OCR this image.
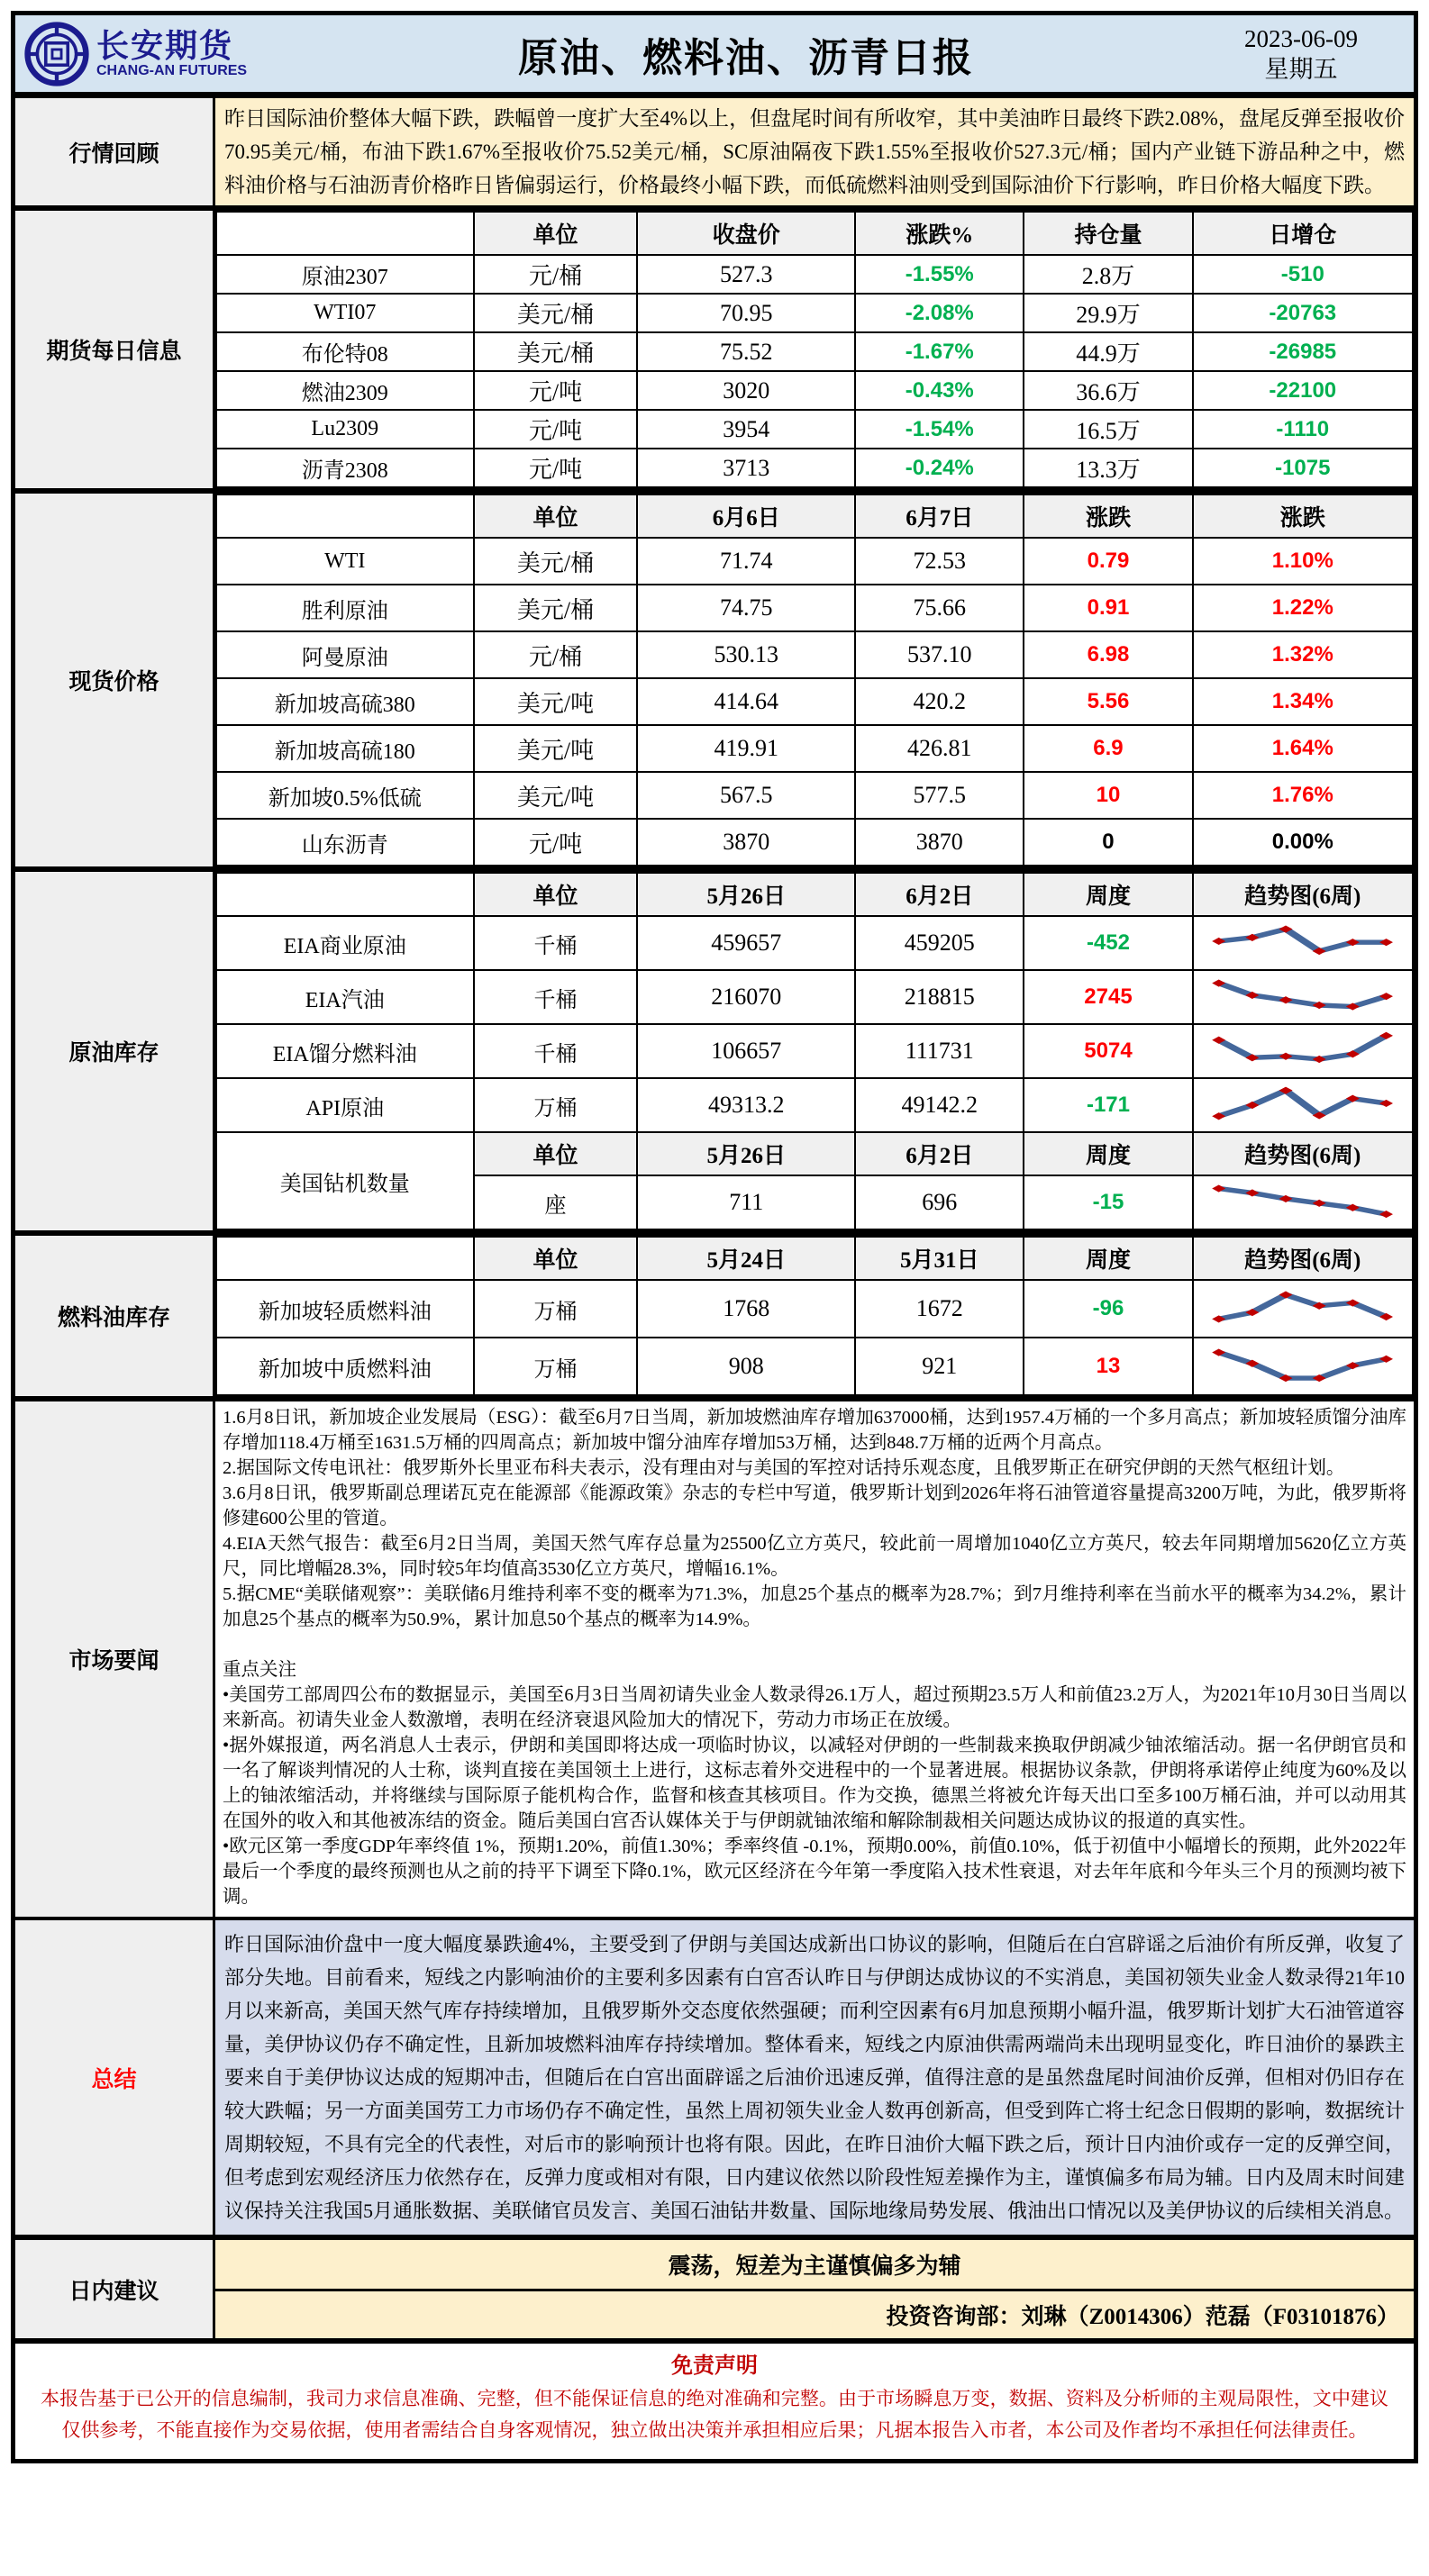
长安期货
CHANG-AN FUTURES	原油、燃料油、沥青日报	2023-06-09
星期五
行情回顾

昨日国际油价整体大幅下跌，跌幅曾一度扩大至4%以上，但盘尾时间有所收窄，其中美油昨日最终下跌2.08%，盘尾反弹至报收价70.95美元/桶，布油下跌1.67%至报收价75.52美元/桶，SC原油隔夜下跌1.55%至报收价527.3元/桶；国内产业链下游品种之中，燃料油价格与石油沥青价格昨日皆偏弱运行，价格最终小幅下跌，而低硫燃料油则受到国际油价下行影响，昨日价格大幅度下跌。

期货每日信息
	单位	收盘价	涨跌%	持仓量	日增仓
原油2307	元/桶	527.3	-1.55%	2.8万	-510
WTI07	美元/桶	70.95	-2.08%	29.9万	-20763
布伦特08	美元/桶	75.52	-1.67%	44.9万	-26985
燃油2309	元/吨	3020	-0.43%	36.6万	-22100
Lu2309	元/吨	3954	-1.54%	16.5万	-1110
沥青2308	元/吨	3713	-0.24%	13.3万	-1075
现货价格
	单位	6月6日	6月7日	涨跌	涨跌
WTI	美元/桶	71.74	72.53	0.79	1.10%
胜利原油	美元/桶	74.75	75.66	0.91	1.22%
阿曼原油	元/桶	530.13	537.10	6.98	1.32%
新加坡高硫380	美元/吨	414.64	420.2	5.56	1.34%
新加坡高硫180	美元/吨	419.91	426.81	6.9	1.64%
新加坡0.5%低硫	美元/吨	567.5	577.5	10	1.76%
山东沥青	元/吨	3870	3870	0	0.00%
原油库存
	单位	5月26日	6月2日	周度	趋势图(6周)
EIA商业原油	千桶	459657	459205	-452	

EIA汽油	千桶	216070	218815	2745	

EIA馏分燃料油	千桶	106657	111731	5074	

API原油	万桶	49313.2	49142.2	-171	

美国钻机数量	单位	5月26日	6月2日	周度	趋势图(6周)
	座	711	696	-15	
燃料油库存
	单位	5月24日	5月31日	周度	趋势图(6周)
新加坡轻质燃料油	万桶	1768	1672	-96	

新加坡中质燃料油	万桶	908	921	13	
市场要闻

1.6月8日讯，新加坡企业发展局（ESG）：截至6月7日当周，新加坡燃油库存增加637000桶，达到1957.4万桶的一个多月高点；新加坡轻质馏分油库存增加118.4万桶至1631.5万桶的四周高点；新加坡中馏分油库存增加53万桶，达到848.7万桶的近两个月高点。

2.据国际文传电讯社：俄罗斯外长里亚布科夫表示，没有理由对与美国的军控对话持乐观态度，且俄罗斯正在研究伊朗的天然气枢纽计划。

3.6月8日讯，俄罗斯副总理诺瓦克在能源部《能源政策》杂志的专栏中写道，俄罗斯计划到2026年将石油管道容量提高3200万吨，为此，俄罗斯将修建600公里的管道。

4.EIA天然气报告：截至6月2日当周，美国天然气库存总量为25500亿立方英尺，较此前一周增加1040亿立方英尺，较去年同期增加5620亿立方英尺，同比增幅28.3%，同时较5年均值高3530亿立方英尺，增幅16.1%。

5.据CME“美联储观察”：美联储6月维持利率不变的概率为71.3%，加息25个基点的概率为28.7%；到7月维持利率在当前水平的概率为34.2%，累计加息25个基点的概率为50.9%，累计加息50个基点的概率为14.9%。

重点关注

•美国劳工部周四公布的数据显示，美国至6月3日当周初请失业金人数录得26.1万人，超过预期23.5万人和前值23.2万人，为2021年10月30日当周以来新高。初请失业金人数激增，表明在经济衰退风险加大的情况下，劳动力市场正在放缓。

•据外媒报道，两名消息人士表示，伊朗和美国即将达成一项临时协议，以减轻对伊朗的一些制裁来换取伊朗减少铀浓缩活动。据一名伊朗官员和一名了解谈判情况的人士称，谈判直接在美国领土上进行，这标志着外交进程中的一个显著进展。根据协议条款，伊朗将承诺停止纯度为60%及以上的铀浓缩活动，并将继续与国际原子能机构合作，监督和核查其核项目。作为交换，德黑兰将被允许每天出口至多100万桶石油，并可以动用其在国外的收入和其他被冻结的资金。随后美国白宫否认媒体关于与伊朗就铀浓缩和解除制裁相关问题达成协议的报道的真实性。

•欧元区第一季度GDP年率终值 1%，预期1.20%，前值1.30%；季率终值 -0.1%，预期0.00%，前值0.10%，低于初值中小幅增长的预期，此外2022年最后一个季度的最终预测也从之前的持平下调至下降0.1%，欧元区经济在今年第一季度陷入技术性衰退，对去年年底和今年头三个月的预测均被下调。

总结

昨日国际油价盘中一度大幅度暴跌逾4%，主要受到了伊朗与美国达成新出口协议的影响，但随后在白宫辟谣之后油价有所反弹，收复了部分失地。目前看来，短线之内影响油价的主要利多因素有白宫否认昨日与伊朗达成协议的不实消息，美国初领失业金人数录得21年10月以来新高，美国天然气库存持续增加，且俄罗斯外交态度依然强硬；而利空因素有6月加息预期小幅升温，俄罗斯计划扩大石油管道容量，美伊协议仍存不确定性，且新加坡燃料油库存持续增加。整体看来，短线之内原油供需两端尚未出现明显变化，昨日油价的暴跌主要来自于美伊协议达成的短期冲击，但随后在白宫出面辟谣之后油价迅速反弹，值得注意的是虽然盘尾时间油价反弹，但相对仍旧存在较大跌幅；另一方面美国劳工力市场仍存不确定性，虽然上周初领失业金人数再创新高，但受到阵亡将士纪念日假期的影响，数据统计周期较短，不具有完全的代表性，对后市的影响预计也将有限。因此，在昨日油价大幅下跌之后，预计日内油价或存一定的反弹空间，但考虑到宏观经济压力依然存在，反弹力度或相对有限，日内建议依然以阶段性短差操作为主，谨慎偏多布局为辅。日内及周末时间建议保持关注我国5月通胀数据、美联储官员发言、美国石油钻井数量、国际地缘局势发展、俄油出口情况以及美伊协议的后续相关消息。

日内建议
震荡，短差为主谨慎偏多为辅
投资咨询部：刘琳（Z0014306）范磊（F03101876）
免责声明

本报告基于已公开的信息编制，我司力求信息准确、完整，但不能保证信息的绝对准确和完整。由于市场瞬息万变，数据、资料及分析师的主观局限性，文中建议仅供参考，不能直接作为交易依据，使用者需结合自身客观情况，独立做出决策并承担相应后果；凡据本报告入市者，本公司及作者均不承担任何法律责任。
